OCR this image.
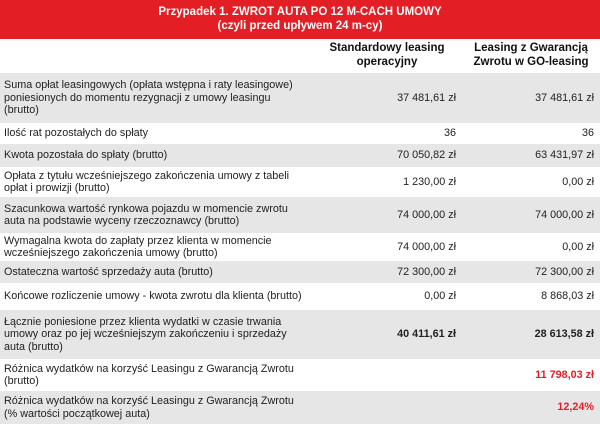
Przypadek 1. ZWROT AUTA PO 12 M-CACH UMOWY
(czyli przed upływem 24 m-cy)
Standardowy leasing
operacyjny
Leasing z Gwarancją
Zwrotu w GO-leasing
Suma opłat leasingowych (opłata wstępna i raty leasingowe) poniesionych do momentu rezygnacji z umowy leasingu (brutto)	37 481,61 zł	37 481,61 zł
Ilość rat pozostałych do spłaty	36	36
Kwota pozostała do spłaty (brutto)	70 050,82 zł	63 431,97 zł
Opłata z tytułu wcześniejszego zakończenia umowy z tabeli opłat i prowizji (brutto)	1 230,00 zł	0,00 zł
Szacunkowa wartość rynkowa pojazdu w momencie zwrotu auta na podstawie wyceny rzeczoznawcy (brutto)	74 000,00 zł	74 000,00 zł
Wymagalna kwota do zapłaty przez klienta w momencie wcześniejszego zakończenia umowy (brutto)	74 000,00 zł	0,00 zł
Ostateczna wartość sprzedaży auta (brutto)	72 300,00 zł	72 300,00 zł
Końcowe rozliczenie umowy - kwota zwrotu dla klienta (brutto)	0,00 zł	8 868,03 zł
Łącznie poniesione przez klienta wydatki w czasie trwania umowy oraz po jej wcześniejszym zakończeniu i sprzedaży auta (brutto)	40 411,61 zł	28 613,58 zł
Różnica wydatków na korzyść Leasingu z Gwarancją Zwrotu (brutto)		11 798,03 zł
Różnica wydatków na korzyść Leasingu z Gwarancją Zwrotu (% wartości początkowej auta)		12,24%
